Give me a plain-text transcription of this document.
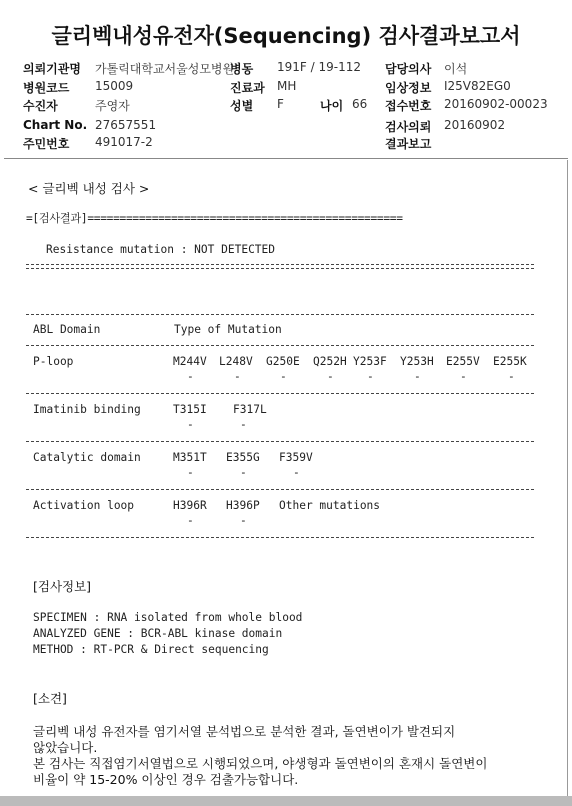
글리벡내성유전자(Sequencing) 검사결과보고서
의뢰기관명 가톨릭대학교서울성모병원
병동 191F / 19-112 담당의사 이석
병원코드 15009	진료과 MH	임상정보 I25V82EG0
수진자	주영자	성별 F	나이 66 접수번호 20160902-00023
Chart No. 27657551	검사의뢰 20160902
주민번호 491017-2	결과보고
< 글리벡 내성 검사 >
=[검사결과]=================================================
Resistance mutation : NOT DETECTED
ABL Domain	Type of Mutation
P-loop	M244V L248V G250E Q252H Y253F Y253H E255V E255K
-	-	-	-	-	-	-	-
Imatinib binding	T315I F317L
-	-
Catalytic domain	M351T E355G F359V
-	-	-
Activation loop	H396R H396P Other mutations
-	-
[검사정보]
SPECIMEN : RNA isolated from whole blood
ANALYZED GENE : BCR-ABL kinase domain
METHOD : RT-PCR & Direct sequencing
[소견]
글리벡 내성 유전자를 염기서열 분석법으로 분석한 결과, 돌연변이가 발견되지
않았습니다.
본 검사는 직접염기서열법으로 시행되었으며, 야생형과 돌연변이의 혼재시 돌연변이
비율이 약 15-20% 이상인 경우 검출가능합니다.
